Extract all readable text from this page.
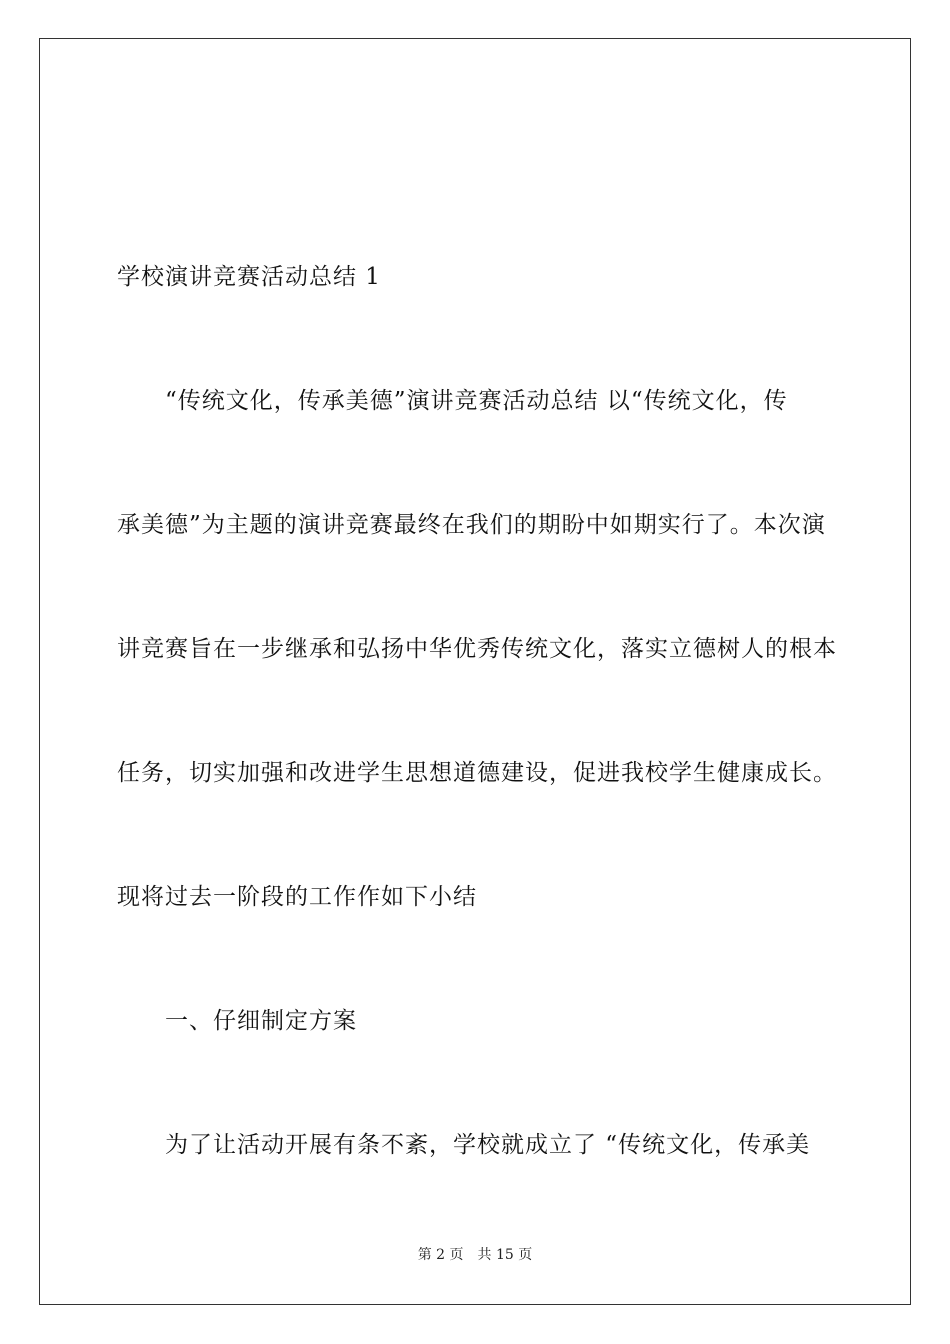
学校演讲竞赛活动总结 1
“传统文化，传承美德”演讲竞赛活动总结 以“传统文化，传
承美德”为主题的演讲竞赛最终在我们的期盼中如期实行了。本次演
讲竞赛旨在一步继承和弘扬中华优秀传统文化，落实立德树人的根本
任务，切实加强和改进学生思想道德建设，促进我校学生健康成长。
现将过去一阶段的工作作如下小结
一、仔细制定方案
为了让活动开展有条不紊，学校就成立了 “传统文化，传承美
第 2 页 共 15 页
